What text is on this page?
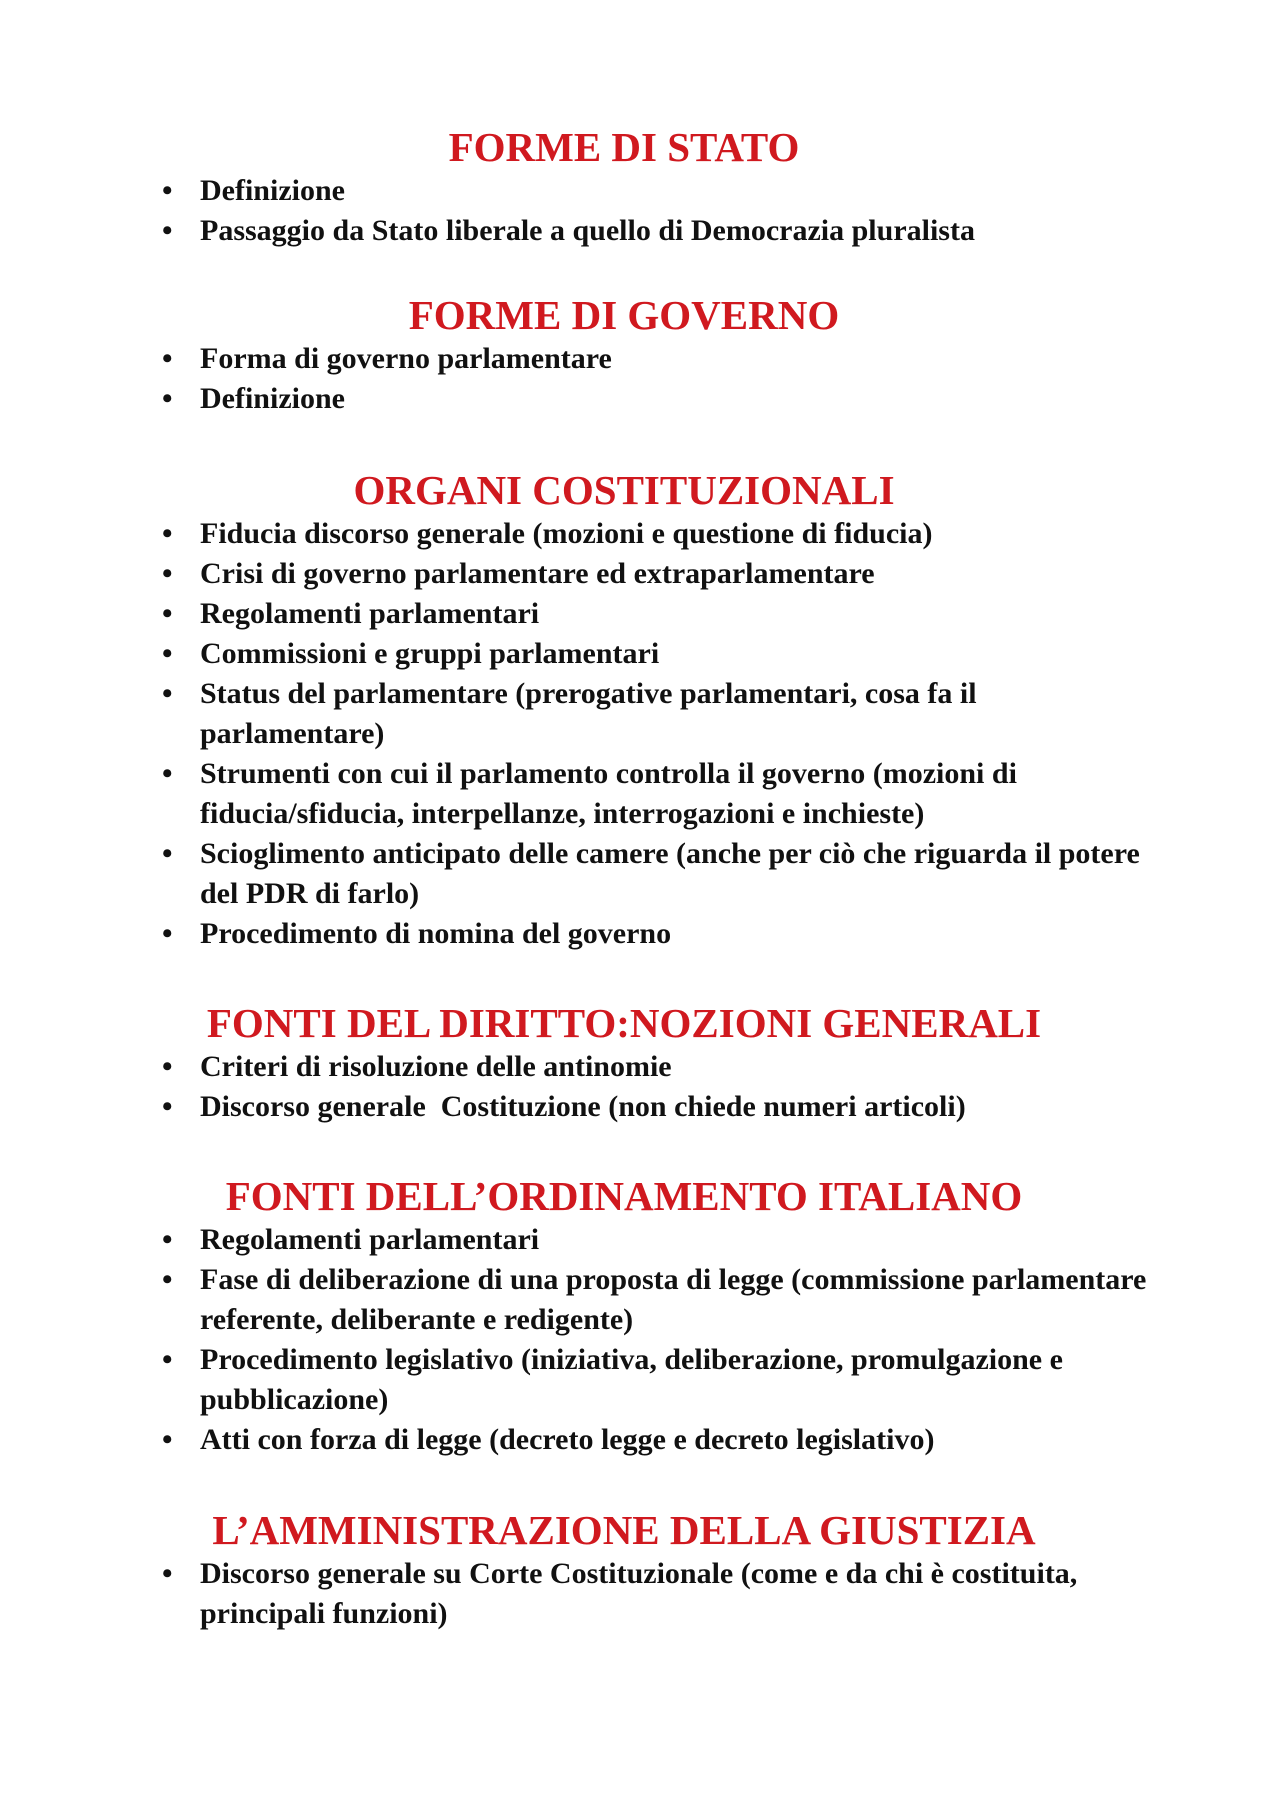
FORME DI STATO
• Definizione
• Passaggio da Stato liberale a quello di Democrazia pluralista
FORME DI GOVERNO
• Forma di governo parlamentare
• Definizione
ORGANI COSTITUZIONALI
• Fiducia discorso generale (mozioni e questione di fiducia)
• Crisi di governo parlamentare ed extraparlamentare
• Regolamenti parlamentari
• Commissioni e gruppi parlamentari
• Status del parlamentare (prerogative parlamentari, cosa fa il parlamentare)
• Strumenti con cui il parlamento controlla il governo (mozioni di fiducia/sfiducia, interpellanze, interrogazioni e inchieste)
• Scioglimento anticipato delle camere (anche per ciò che riguarda il potere del PDR di farlo)
• Procedimento di nomina del governo
FONTI DEL DIRITTO:NOZIONI GENERALI
• Criteri di risoluzione delle antinomie
• Discorso generale  Costituzione (non chiede numeri articoli)
FONTI DELL’ORDINAMENTO ITALIANO
• Regolamenti parlamentari
• Fase di deliberazione di una proposta di legge (commissione parlamentare referente, deliberante e redigente)
• Procedimento legislativo (iniziativa, deliberazione, promulgazione e pubblicazione)
• Atti con forza di legge (decreto legge e decreto legislativo)
L’AMMINISTRAZIONE DELLA GIUSTIZIA
• Discorso generale su Corte Costituzionale (come e da chi è costituita, principali funzioni)
